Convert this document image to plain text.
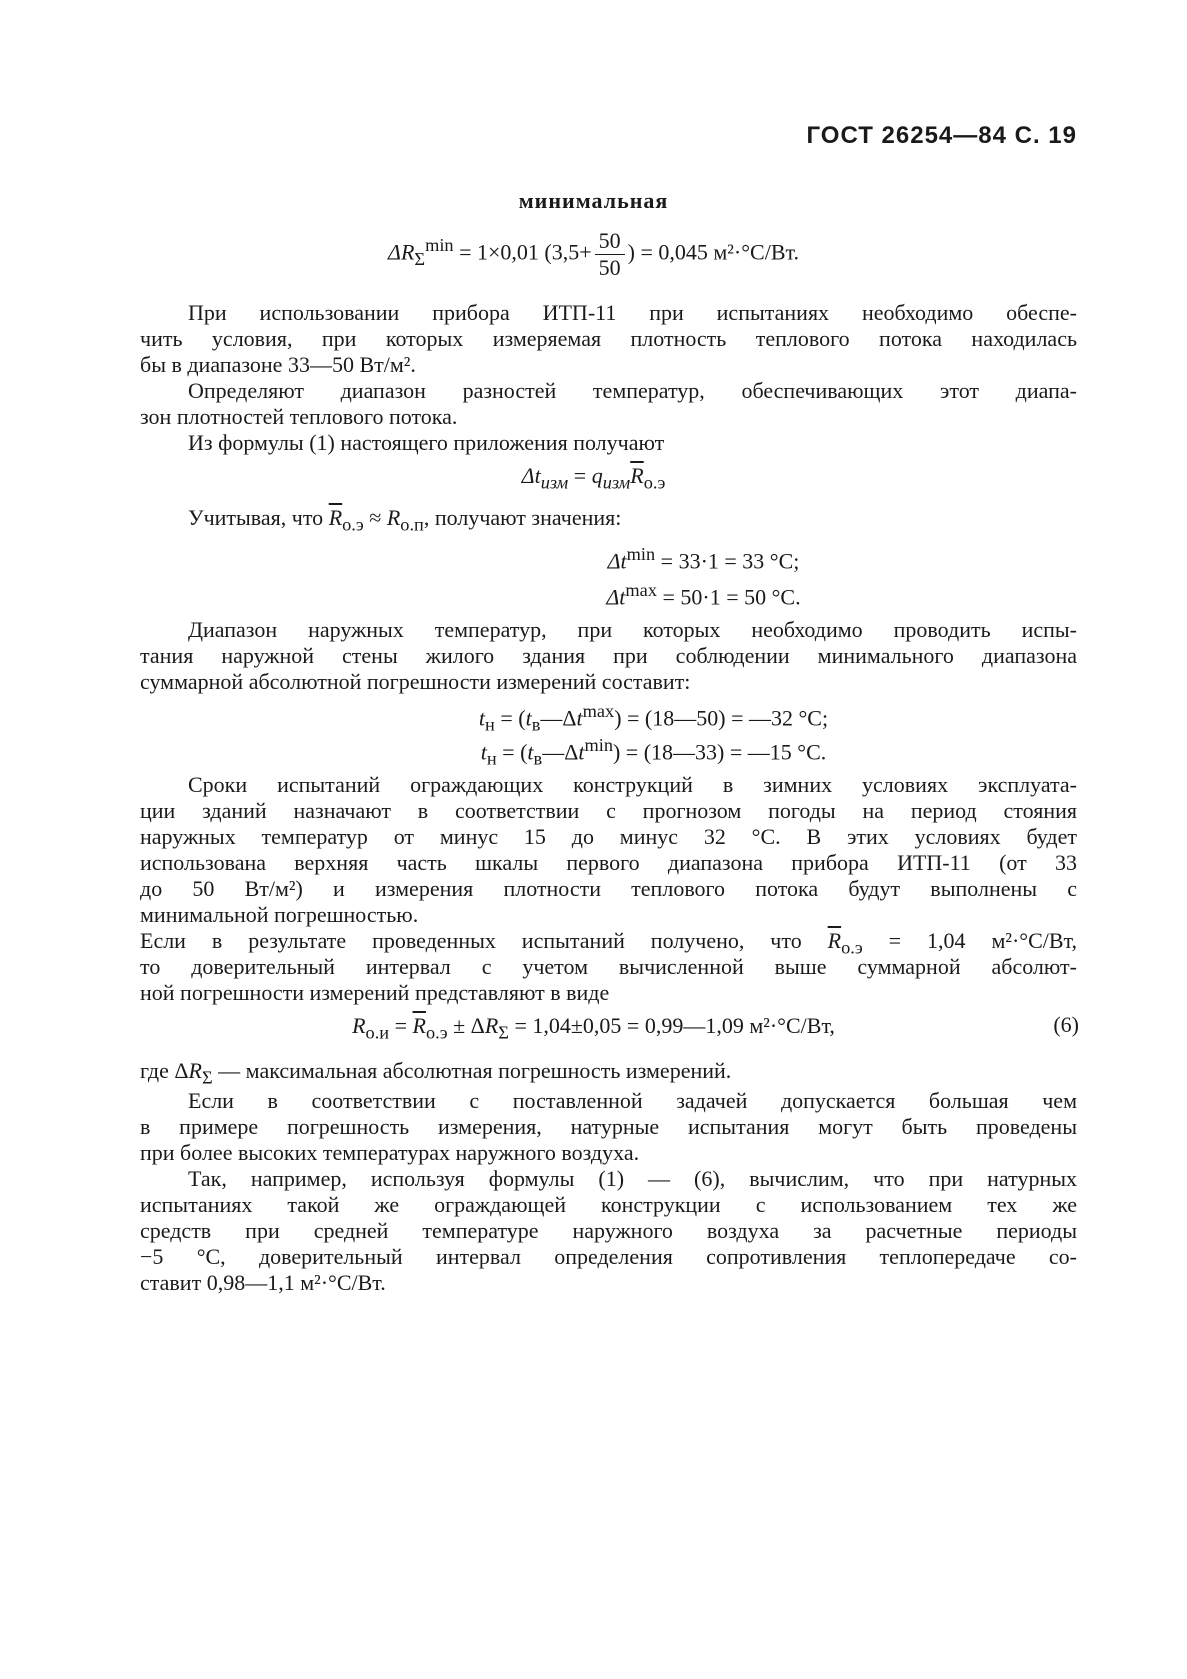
ГОСТ 26254—84 С. 19
минимальная
$\Delta R_\Sigma^{min} = 1\times 0,01$ ($3,5+ \frac{50}{50}$ ) = 0,045 м²·°С/Вт.
При использовании прибора ИТП-11 при испытаниях необходимо обеспе-
чить условия, при которых измеряемая плотность теплового потока находилась
бы в диапазоне 33—50 Вт/м².
Определяют диапазон разностей температур, обеспечивающих этот диапа-
зон плотностей теплового потока.
Из формулы (1) настоящего приложения получают
$\Delta t_{изм} = q_{изм}\overline{R}_{o.э}$
Учитывая, что $\overline{R}_{o.э} \approx R_{o.п}$, получают значения:
$\Delta t^{min} = 33\cdot 1 = 33$ °С;
$\Delta t^{max} = 50\cdot 1 = 50$ °С.
Диапазон наружных температур, при которых необходимо проводить испы-
тания наружной стены жилого здания при соблюдении минимального диапазона
суммарной абсолютной погрешности измерений составит:
$t_н$ = $(t_в—\Delta t^{max})$ = (18—50) = —32 °С;
$t_н$ = $(t_в—\Delta t^{min})$ = (18—33) = —15 °С.
Сроки испытаний ограждающих конструкций в зимних условиях эксплуата-
ции зданий назначают в соответствии с прогнозом погоды на период стояния
наружных температур от минус 15 до минус 32 °С. В этих условиях будет
использована верхняя часть шкалы первого диапазона прибора ИТП-11 (от 33
до 50 Вт/м²) и измерения плотности теплового потока будут выполнены с
минимальной погрешностью.
Если в результате проведенных испытаний получено, что $\overline{R}_{o.э} = 1,04$ м²·°С/Вт,
то доверительный интервал с учетом вычисленной выше суммарной абсолют-
ной погрешности измерений представляют в виде
$R_{o.и} = \overline{R}_{o.э} \pm \Delta R_\Sigma = 1,04\pm 0,05$ = 0,99—1,09 м²·°С/Вт,	(6)
где $\Delta R_\Sigma$ — максимальная абсолютная погрешность измерений.
Если в соответствии с поставленной задачей допускается большая чем
в примере погрешность измерения, натурные испытания могут быть проведены
при более высоких температурах наружного воздуха.
Так, например, используя формулы (1) — (6), вычислим, что при натурных
испытаниях такой же ограждающей конструкции с использованием тех же
средств при средней температуре наружного воздуха за расчетные периоды
−5 °С, доверительный интервал определения сопротивления теплопередаче со-
ставит 0,98—1,1 м²·°С/Вт.
